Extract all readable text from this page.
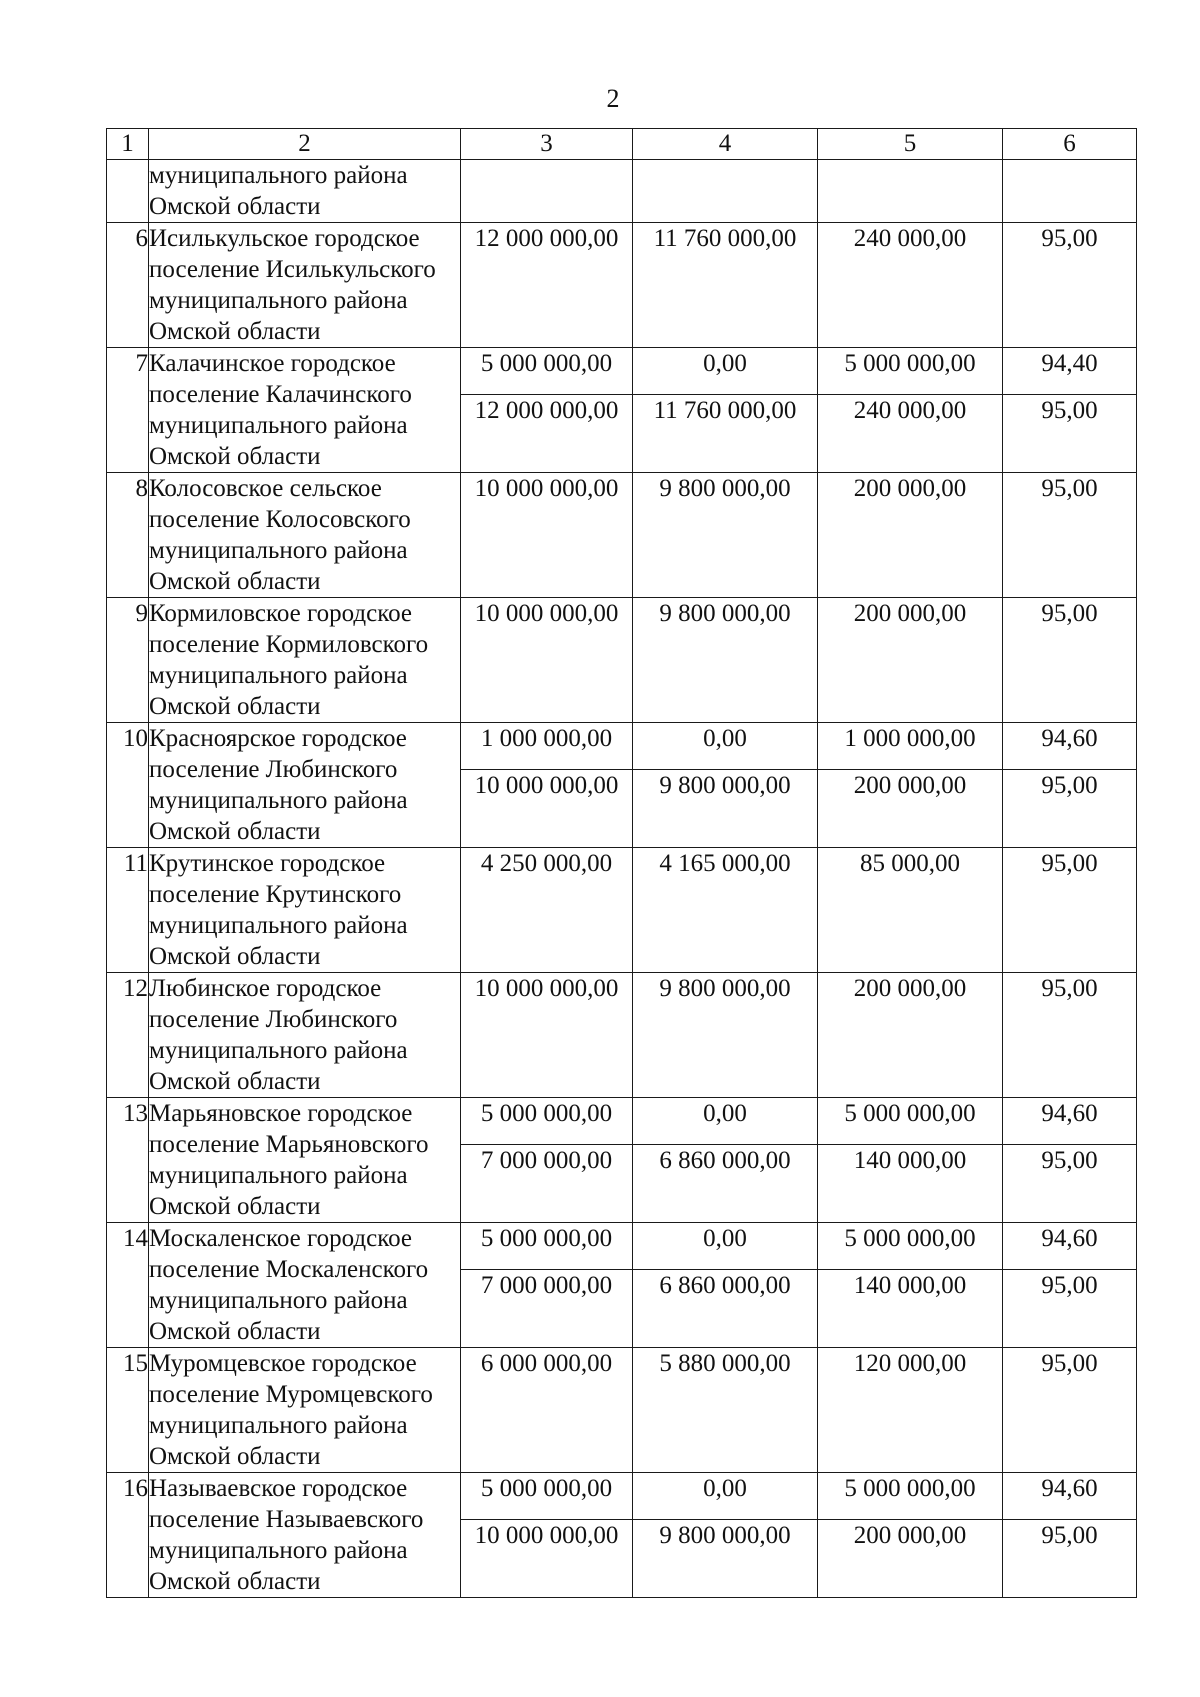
2
1	2	3	4	5	6
	муниципального района Омской области				
6	Исилькульское городское поселение Исилькульского муниципального района Омской области	12 000 000,00	11 760 000,00	240 000,00	95,00
7	Калачинское городское поселение Калачинского муниципального района Омской области	5 000 000,00	0,00	5 000 000,00	94,40
		12 000 000,00	11 760 000,00	240 000,00	95,00
8	Колосовское сельское поселение Колосовского муниципального района Омской области	10 000 000,00	9 800 000,00	200 000,00	95,00
9	Кормиловское городское поселение Кормиловского муниципального района Омской области	10 000 000,00	9 800 000,00	200 000,00	95,00
10	Красноярское городское поселение Любинского муниципального района Омской области	1 000 000,00	0,00	1 000 000,00	94,60
		10 000 000,00	9 800 000,00	200 000,00	95,00
11	Крутинское городское поселение Крутинского муниципального района Омской области	4 250 000,00	4 165 000,00	85 000,00	95,00
12	Любинское городское поселение Любинского муниципального района Омской области	10 000 000,00	9 800 000,00	200 000,00	95,00
13	Марьяновское городское поселение Марьяновского муниципального района Омской области	5 000 000,00	0,00	5 000 000,00	94,60
		7 000 000,00	6 860 000,00	140 000,00	95,00
14	Москаленское городское поселение Москаленского муниципального района Омской области	5 000 000,00	0,00	5 000 000,00	94,60
		7 000 000,00	6 860 000,00	140 000,00	95,00
15	Муромцевское городское поселение Муромцевского муниципального района Омской области	6 000 000,00	5 880 000,00	120 000,00	95,00
16	Называевское городское поселение Называевского муниципального района Омской области	5 000 000,00	0,00	5 000 000,00	94,60
		10 000 000,00	9 800 000,00	200 000,00	95,00
